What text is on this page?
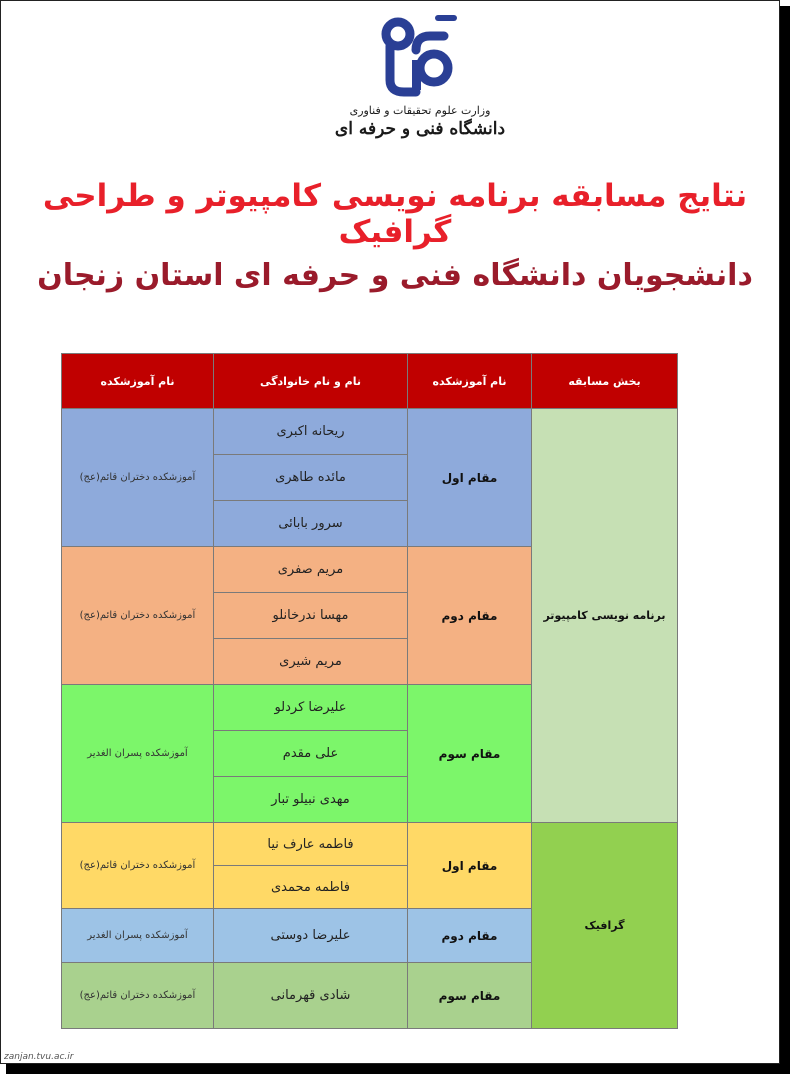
وزارت علوم تحقیقات و فناوری
دانشگاه فنی و حرفه ای
نتایج مسابقه برنامه نویسی کامپیوتر و طراحی گرافیک
دانشجویان دانشگاه فنی و حرفه ای استان زنجان
نام آموزشکده	نام و نام خانوادگی	نام آموزشکده	بخش مسابقه
آموزشکده دختران قائم(عج)	ریحانه اکبری	مقام اول	برنامه نویسی کامپیوتر
	مائده طاهری		
	سرور بابائی		
آموزشکده دختران قائم(عج)	مریم صفری	مقام دوم	
	مهسا ندرخانلو		
	مریم شیری		
آموزشکده پسران الغدیر	علیرضا کردلو	مقام سوم	
	علی مقدم		
	مهدی نبیلو تبار		
آموزشکده دختران قائم(عج)	فاطمه عارف نیا	مقام اول	گرافیک
	فاطمه محمدی		
آموزشکده پسران الغدیر	علیرضا دوستی	مقام دوم	
آموزشکده دختران قائم(عج)	شادی قهرمانی	مقام سوم	
zanjan.tvu.ac.ir
